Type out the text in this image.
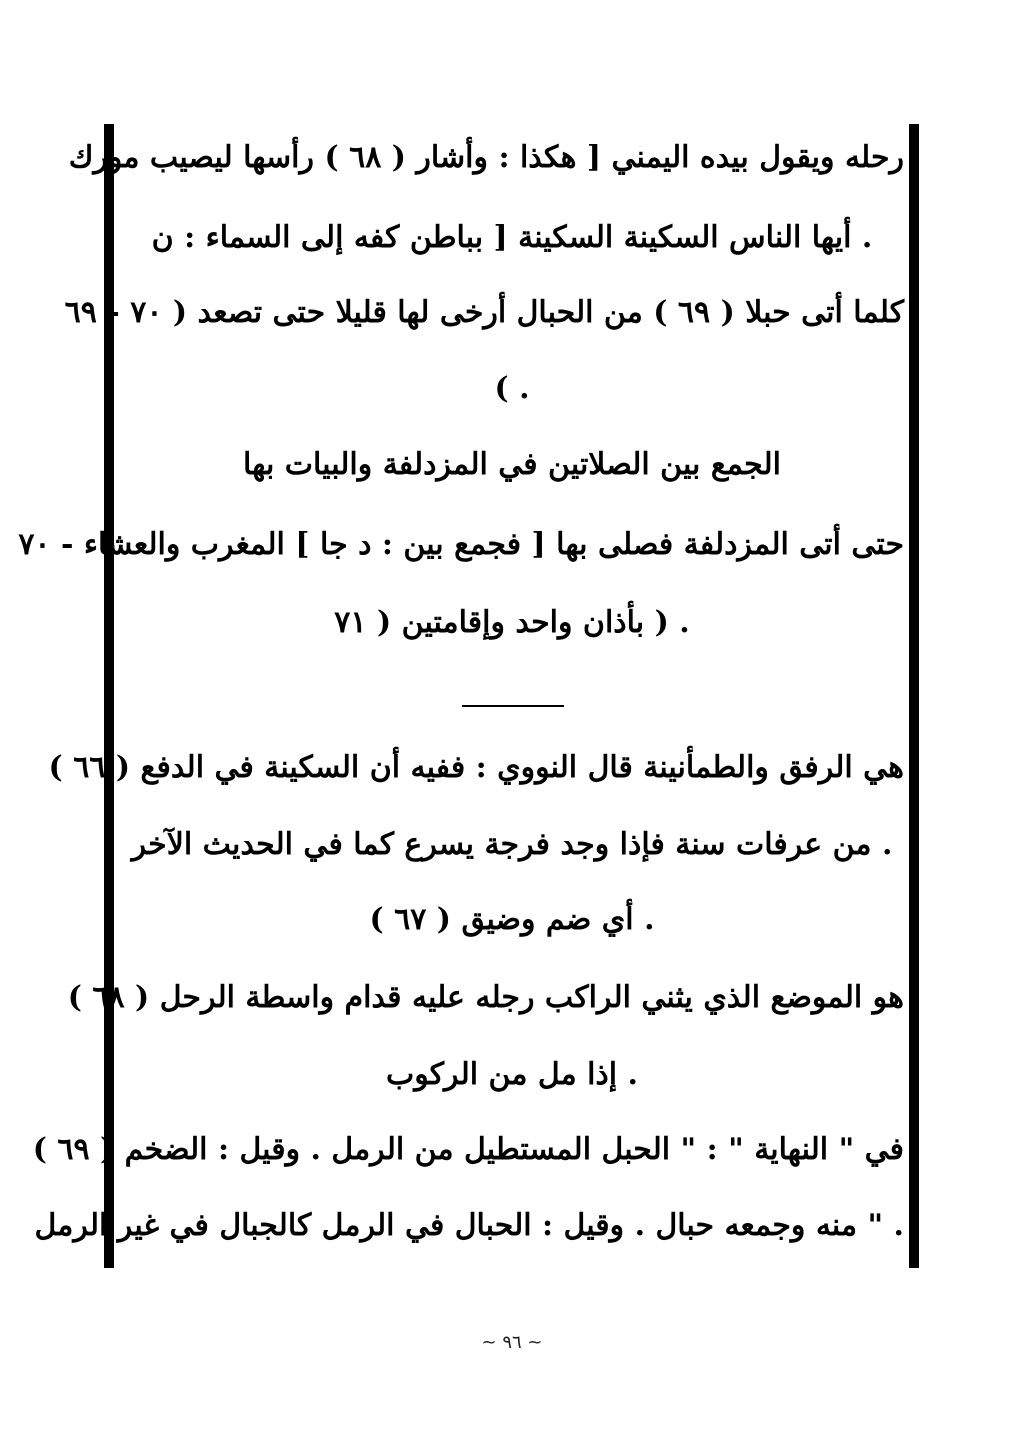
رحله ويقول بيده اليمني [ هكذا : وأشار ( ٦٨ ) رأسها ليصيب مورك
. أيها الناس السكينة السكينة [ بباطن كفه إلى السماء : ن
كلما أتى حبلا ( ٦٩ ) من الحبال أرخى لها قليلا حتى تصعد ( ٧٠ - ٦٩
. )
الجمع بين الصلاتين في المزدلفة والبيات بها
حتى أتى المزدلفة فصلى بها [ فجمع بين : د جا ] المغرب والعشاء - ٧٠
. ( بأذان واحد وإقامتين ( ٧١
هي الرفق والطمأنينة قال النووي : ففيه أن السكينة في الدفع ( ٦٦ )
. من عرفات سنة فإذا وجد فرجة يسرع كما في الحديث الآخر
. أي ضم وضيق ( ٦٧ )
هو الموضع الذي يثني الراكب رجله عليه قدام واسطة الرحل ( ٦٨ )
. إذا مل من الركوب
في " النهاية " : " الحبل المستطيل من الرمل . وقيل : الضخم ( ٦٩ )
. " منه وجمعه حبال . وقيل : الحبال في الرمل كالجبال في غير الرمل
~ ٩٦ ~
